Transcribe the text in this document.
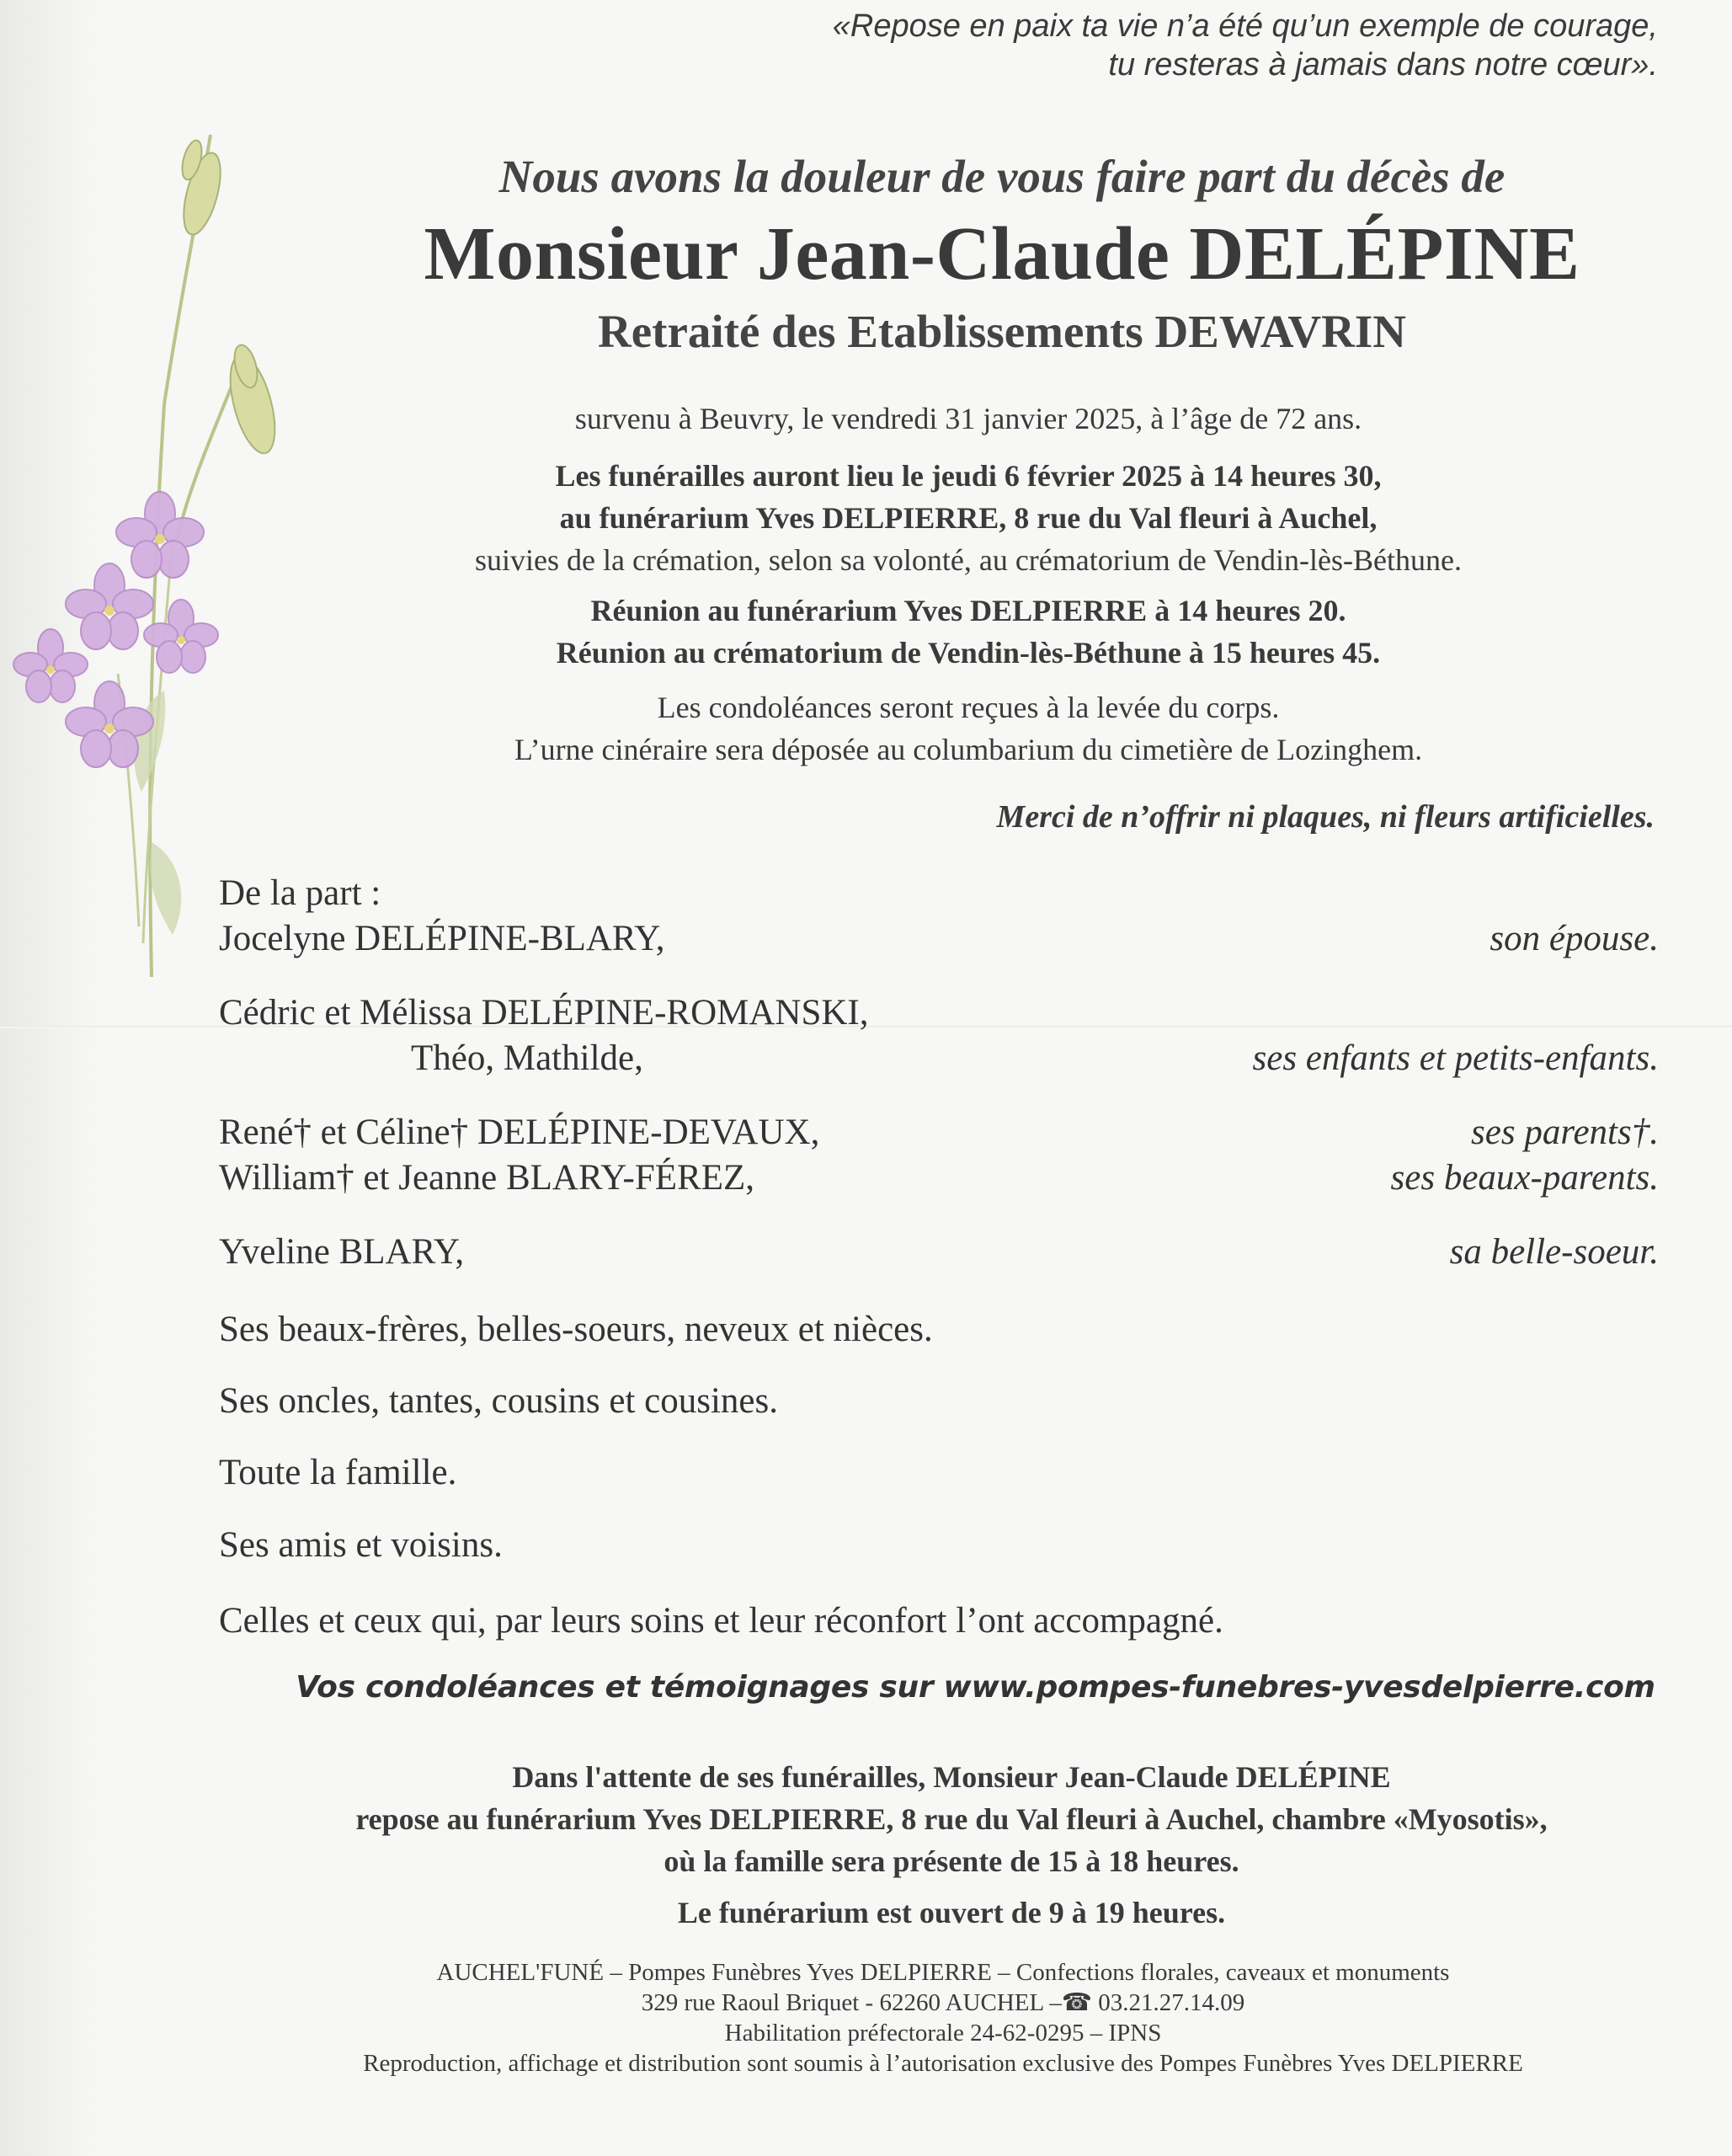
«Repose en paix ta vie n’a été qu’un exemple de courage,
tu resteras à jamais dans notre cœur».
Nous avons la douleur de vous faire part du décès de
Monsieur Jean-Claude DELÉPINE
Retraité des Etablissements DEWAVRIN
survenu à Beuvry, le vendredi 31 janvier 2025, à l’âge de 72 ans.
Les funérailles auront lieu le jeudi 6 février 2025 à 14 heures 30,
au funérarium Yves DELPIERRE, 8 rue du Val fleuri à Auchel,
suivies de la crémation, selon sa volonté, au crématorium de Vendin-lès-Béthune.
Réunion au funérarium Yves DELPIERRE à 14 heures 20.
Réunion au crématorium de Vendin-lès-Béthune à 15 heures 45.
Les condoléances seront reçues à la levée du corps.
L’urne cinéraire sera déposée au columbarium du cimetière de Lozinghem.
Merci de n’offrir ni plaques, ni fleurs artificielles.
De la part :
Jocelyne DELÉPINE-BLARY,	son épouse.
Cédric et Mélissa DELÉPINE-ROMANSKI,
Théo, Mathilde,	ses enfants et petits-enfants.
René† et Céline† DELÉPINE-DEVAUX,	ses parents†.
William† et Jeanne BLARY-FÉREZ,	ses beaux-parents.
Yveline BLARY,	sa belle-soeur.
Ses beaux-frères, belles-soeurs, neveux et nièces.
Ses oncles, tantes, cousins et cousines.
Toute la famille.
Ses amis et voisins.
Celles et ceux qui, par leurs soins et leur réconfort l’ont accompagné.
Vos condoléances et témoignages sur www.pompes-funebres-yvesdelpierre.com
Dans l'attente de ses funérailles, Monsieur Jean-Claude DELÉPINE
repose au funérarium Yves DELPIERRE, 8 rue du Val fleuri à Auchel, chambre «Myosotis»,
où la famille sera présente de 15 à 18 heures.
Le funérarium est ouvert de 9 à 19 heures.
AUCHEL'FUNÉ – Pompes Funèbres Yves DELPIERRE – Confections florales, caveaux et monuments
329 rue Raoul Briquet - 62260 AUCHEL –☎ 03.21.27.14.09
Habilitation préfectorale 24-62-0295 – IPNS
Reproduction, affichage et distribution sont soumis à l’autorisation exclusive des Pompes Funèbres Yves DELPIERRE
